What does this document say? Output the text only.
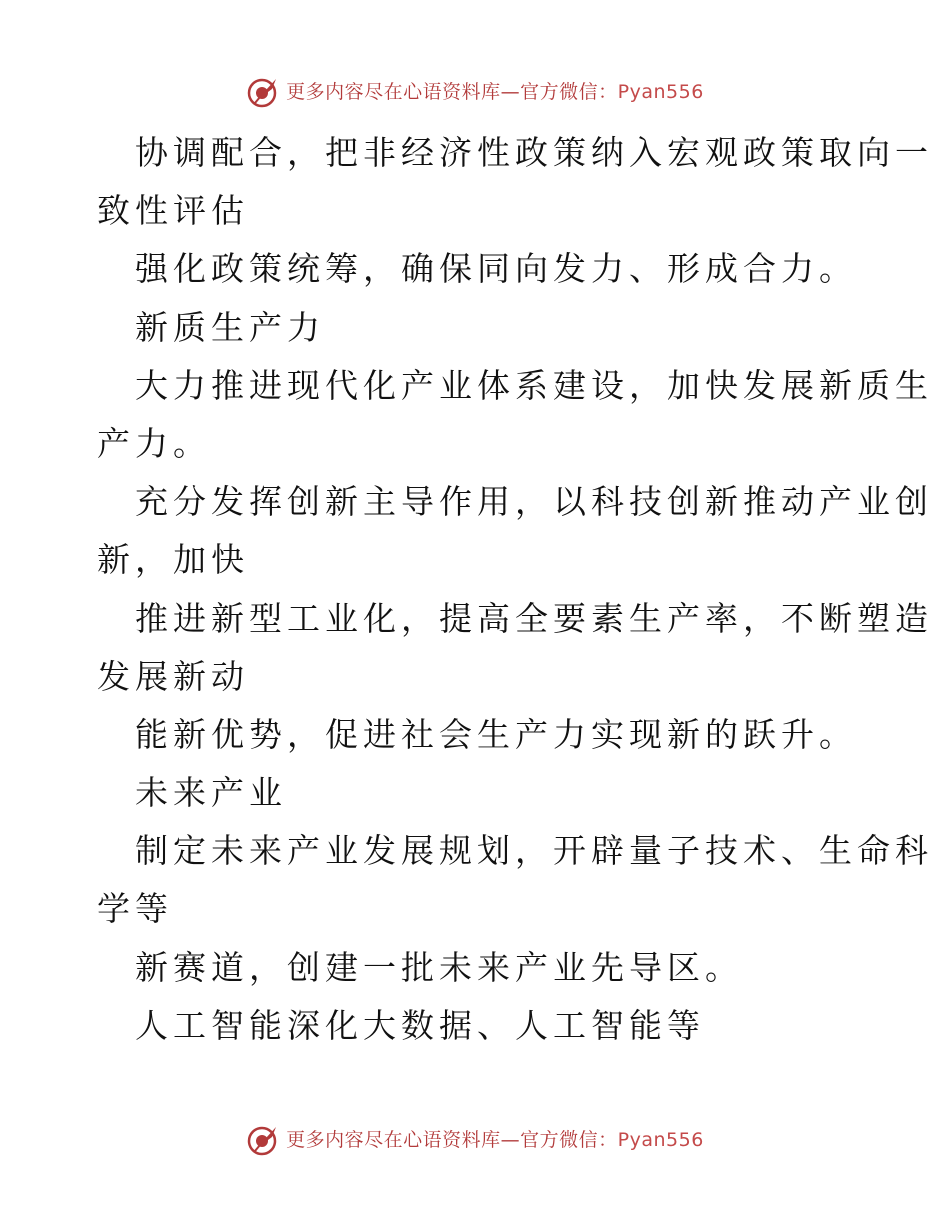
更多内容尽在心语资料库—官方微信：Pyan556
协调配合，把非经济性政策纳入宏观政策取向一
致性评估
强化政策统筹，确保同向发力、形成合力。
新质生产力
大力推进现代化产业体系建设，加快发展新质生
产力。
充分发挥创新主导作用，以科技创新推动产业创
新，加快
推进新型工业化，提高全要素生产率，不断塑造
发展新动
能新优势，促进社会生产力实现新的跃升。
未来产业
制定未来产业发展规划，开辟量子技术、生命科
学等
新赛道，创建一批未来产业先导区。
人工智能深化大数据、人工智能等
更多内容尽在心语资料库—官方微信：Pyan556
